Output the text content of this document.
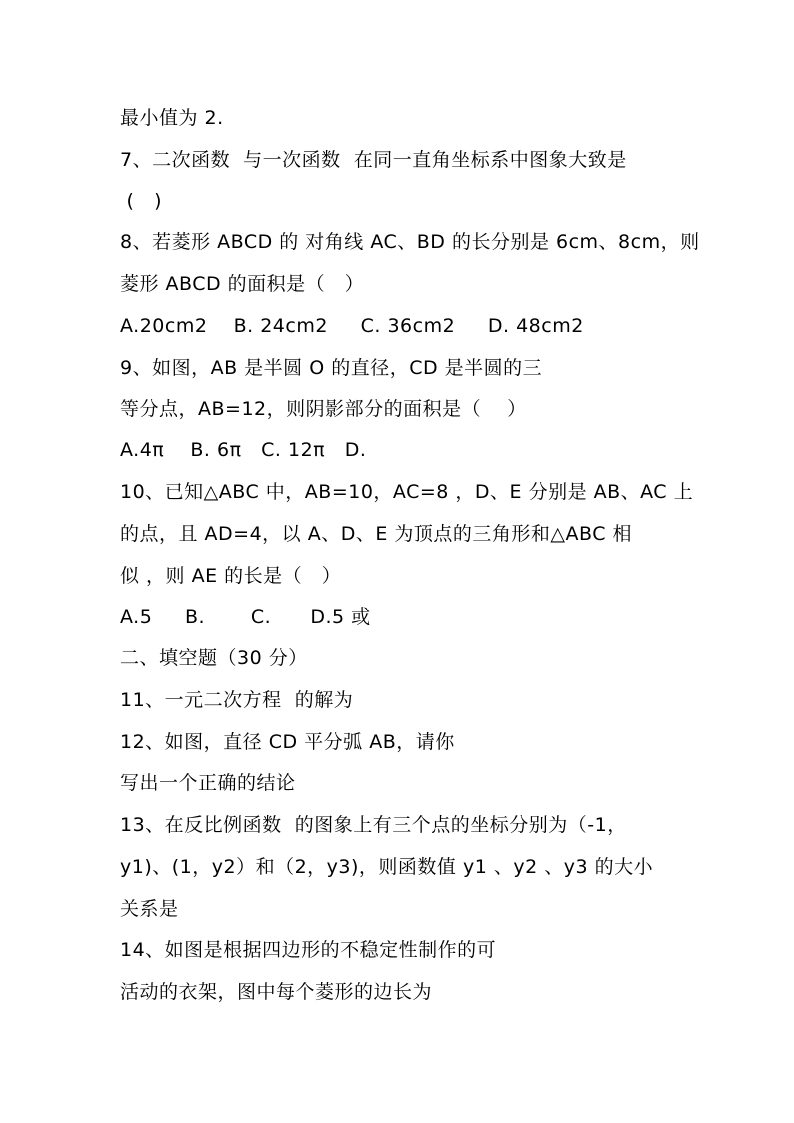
最小值为 2.
7、二次函数  与一次函数  在同一直角坐标系中图象大致是
(   )
8、若菱形 ABCD 的 对角线 AC、BD 的长分别是 6cm、8cm，则
菱形 ABCD 的面积是（   ）
A.20cm2    B. 24cm2     C. 36cm2     D. 48cm2
9、如图，AB 是半圆 O 的直径，CD 是半圆的三
等分点，AB=12，则阴影部分的面积是（    ）
A.4π    B. 6π   C. 12π   D.
10、已知△ABC 中，AB=10，AC=8 ，D、E 分别是 AB、AC 上
的点，且 AD=4，以 A、D、E 为顶点的三角形和△ABC 相
似 ，则 AE 的长是（   ）
A.5     B.       C.      D.5 或
二、填空题（30 分）
11、一元二次方程  的解为
12、如图，直径 CD 平分弧 AB，请你
写出一个正确的结论
13、在反比例函数  的图象上有三个点的坐标分别为（-1，
y1)、(1，y2）和（2，y3)，则函数值 y1 、y2 、y3 的大小
关系是
14、如图是根据四边形的不稳定性制作的可
活动的衣架，图中每个菱形的边长为
